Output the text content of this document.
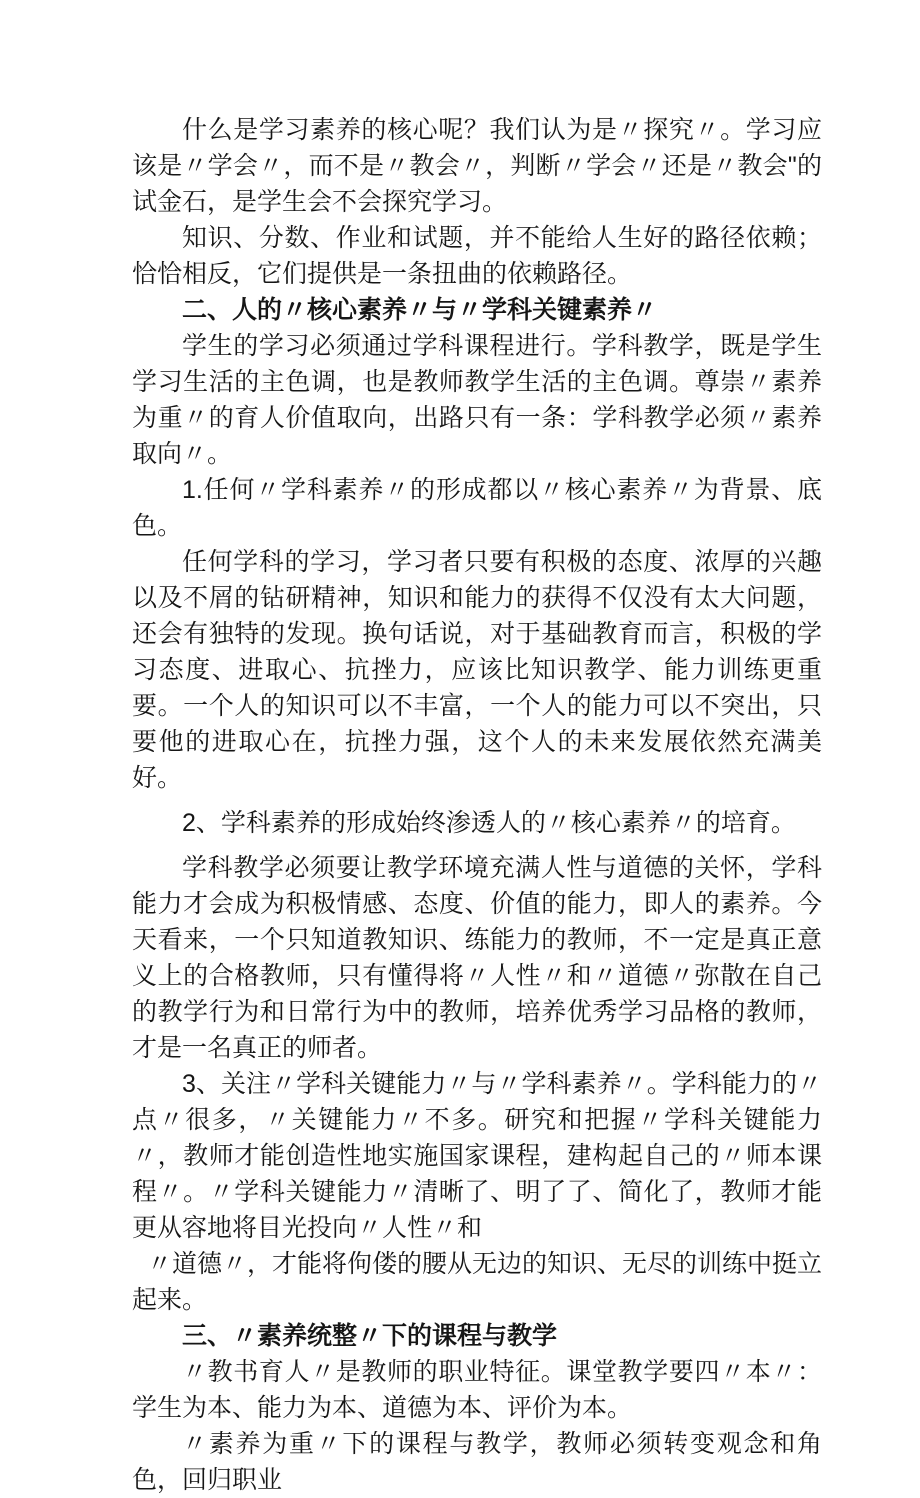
什么是学习素养的核心呢？我们认为是〃探究〃。学习应该是〃学会〃，而不是〃教会〃，判断〃学会〃还是〃教会"的试金石，是学生会不会探究学习。

知识、分数、作业和试题，并不能给人生好的路径依赖；恰恰相反，它们提供是一条扭曲的依赖路径。

二、人的〃核心素养〃与〃学科关键素养〃

学生的学习必须通过学科课程进行。学科教学，既是学生学习生活的主色调，也是教师教学生活的主色调。尊崇〃素养为重〃的育人价值取向，出路只有一条：学科教学必须〃素养取向〃。

1.任何〃学科素养〃的形成都以〃核心素养〃为背景、底色。

任何学科的学习，学习者只要有积极的态度、浓厚的兴趣以及不屑的钻研精神，知识和能力的获得不仅没有太大问题，还会有独特的发现。换句话说，对于基础教育而言，积极的学习态度、进取心、抗挫力，应该比知识教学、能力训练更重要。一个人的知识可以不丰富，一个人的能力可以不突出，只要他的进取心在，抗挫力强，这个人的未来发展依然充满美好。

2、学科素养的形成始终渗透人的〃核心素养〃的培育。

学科教学必须要让教学环境充满人性与道德的关怀，学科能力才会成为积极情感、态度、价值的能力，即人的素养。今天看来，一个只知道教知识、练能力的教师，不一定是真正意义上的合格教师，只有懂得将〃人性〃和〃道德〃弥散在自己的教学行为和日常行为中的教师，培养优秀学习品格的教师，才是一名真正的师者。

3、关注〃学科关键能力〃与〃学科素养〃。学科能力的〃点〃很多，〃关键能力〃不多。研究和把握〃学科关键能力〃，教师才能创造性地实施国家课程，建构起自己的〃师本课程〃。〃学科关键能力〃清晰了、明了了、简化了，教师才能更从容地将目光投向〃人性〃和

〃道德〃，才能将佝偻的腰从无边的知识、无尽的训练中挺立起来。

三、〃素养统整〃下的课程与教学

〃教书育人〃是教师的职业特征。课堂教学要四〃本〃：学生为本、能力为本、道德为本、评价为本。

〃素养为重〃下的课程与教学，教师必须转变观念和角色，回归职业
